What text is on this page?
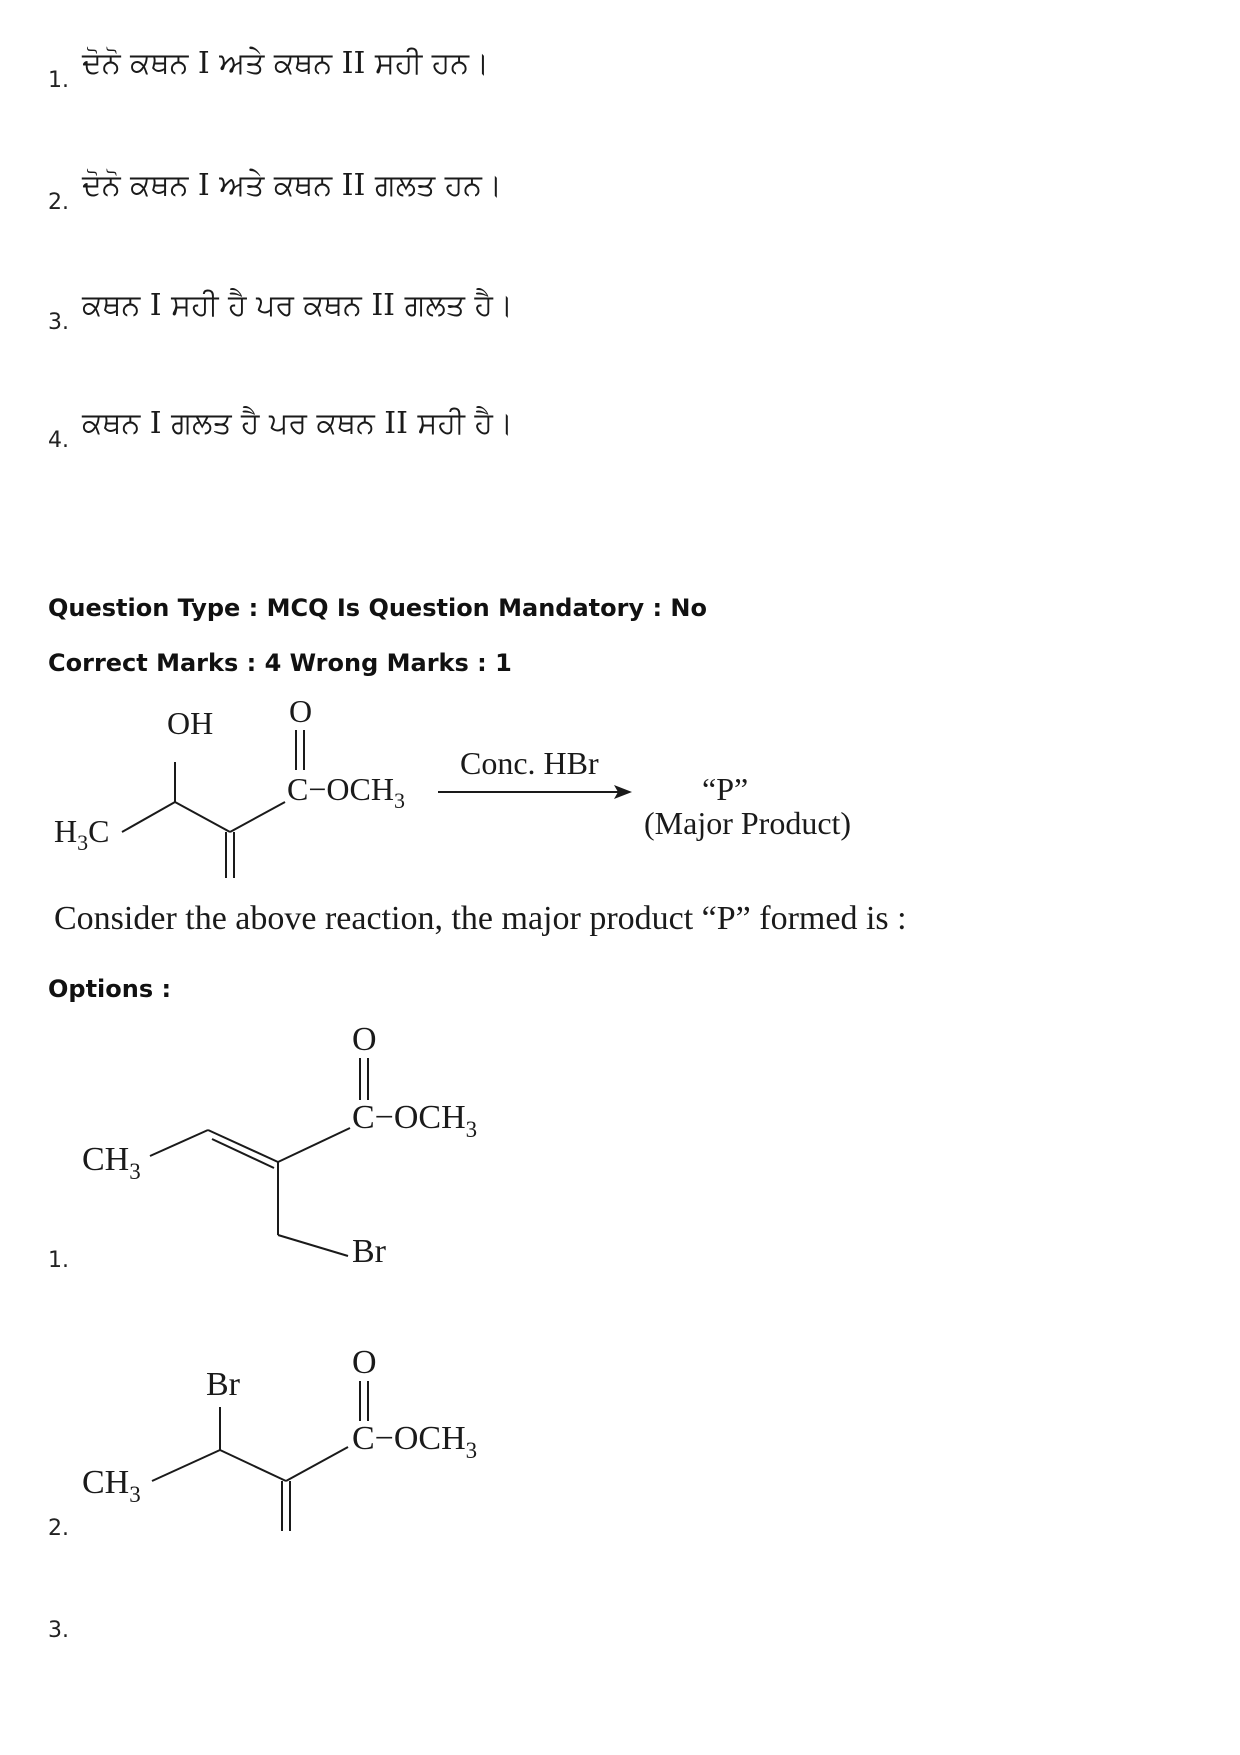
1. ਦੋਨੋ ਕਥਨ I ਅਤੇ ਕਥਨ II ਸਹੀ ਹਨ।
2. ਦੋਨੋ ਕਥਨ I ਅਤੇ ਕਥਨ II ਗਲਤ ਹਨ।
3. ਕਥਨ I ਸਹੀ ਹੈ ਪਰ ਕਥਨ II ਗਲਤ ਹੈ।
4. ਕਥਨ I ਗਲਤ ਹੈ ਪਰ ਕਥਨ II ਸਹੀ ਹੈ।
Question Type : MCQ Is Question Mandatory : No
Correct Marks : 4 Wrong Marks : 1
OH O
$H_3C$
$C-OCH_3$
Conc. HBr
“P”
(Major Product)
Consider the above reaction, the major product “P” formed is :
Options :
O
$C-OCH_3$
$CH_3$
Br
1.
O
$C-OCH_3$
$CH_3$
Br
2.
3.
